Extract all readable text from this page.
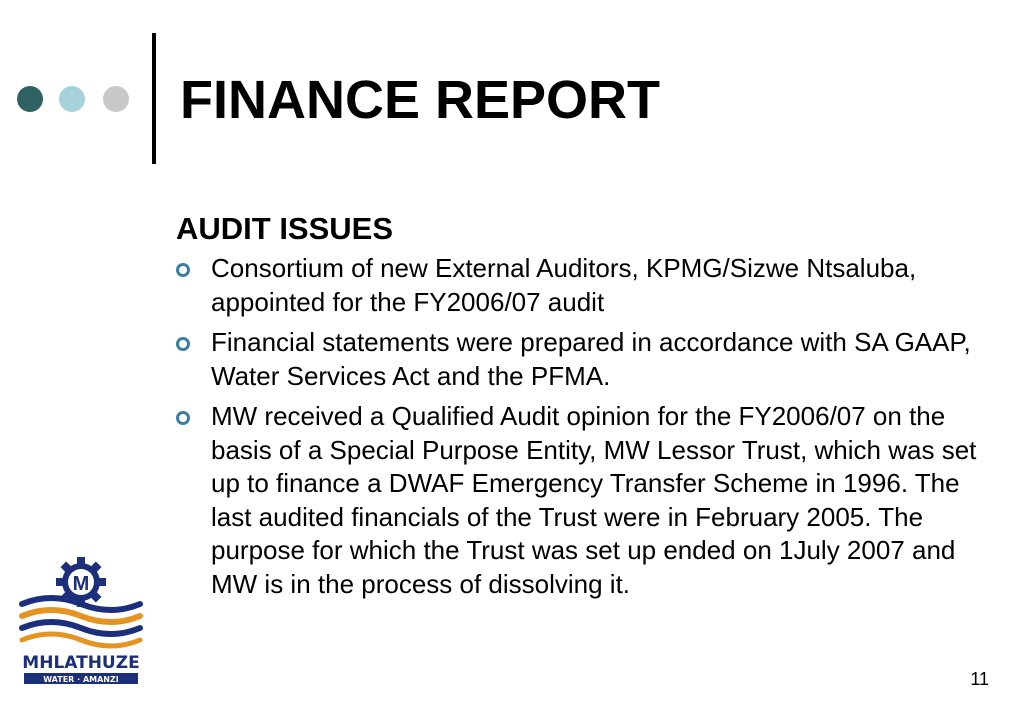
FINANCE REPORT
AUDIT ISSUES
Consortium of new External Auditors, KPMG/Sizwe Ntsaluba, appointed for the FY2006/07 audit
Financial statements were prepared in accordance with SA GAAP, Water Services Act and the PFMA.
MW received a Qualified Audit opinion for the FY2006/07 on the basis of a Special Purpose Entity, MW Lessor Trust, which was set up to finance a DWAF Emergency Transfer Scheme in 1996. The last audited financials of the Trust were in February 2005. The purpose for which the Trust was set up ended on 1July 2007 and MW is in the process of dissolving it.
M
MHLATHUZE
WATER · AMANZI	11
